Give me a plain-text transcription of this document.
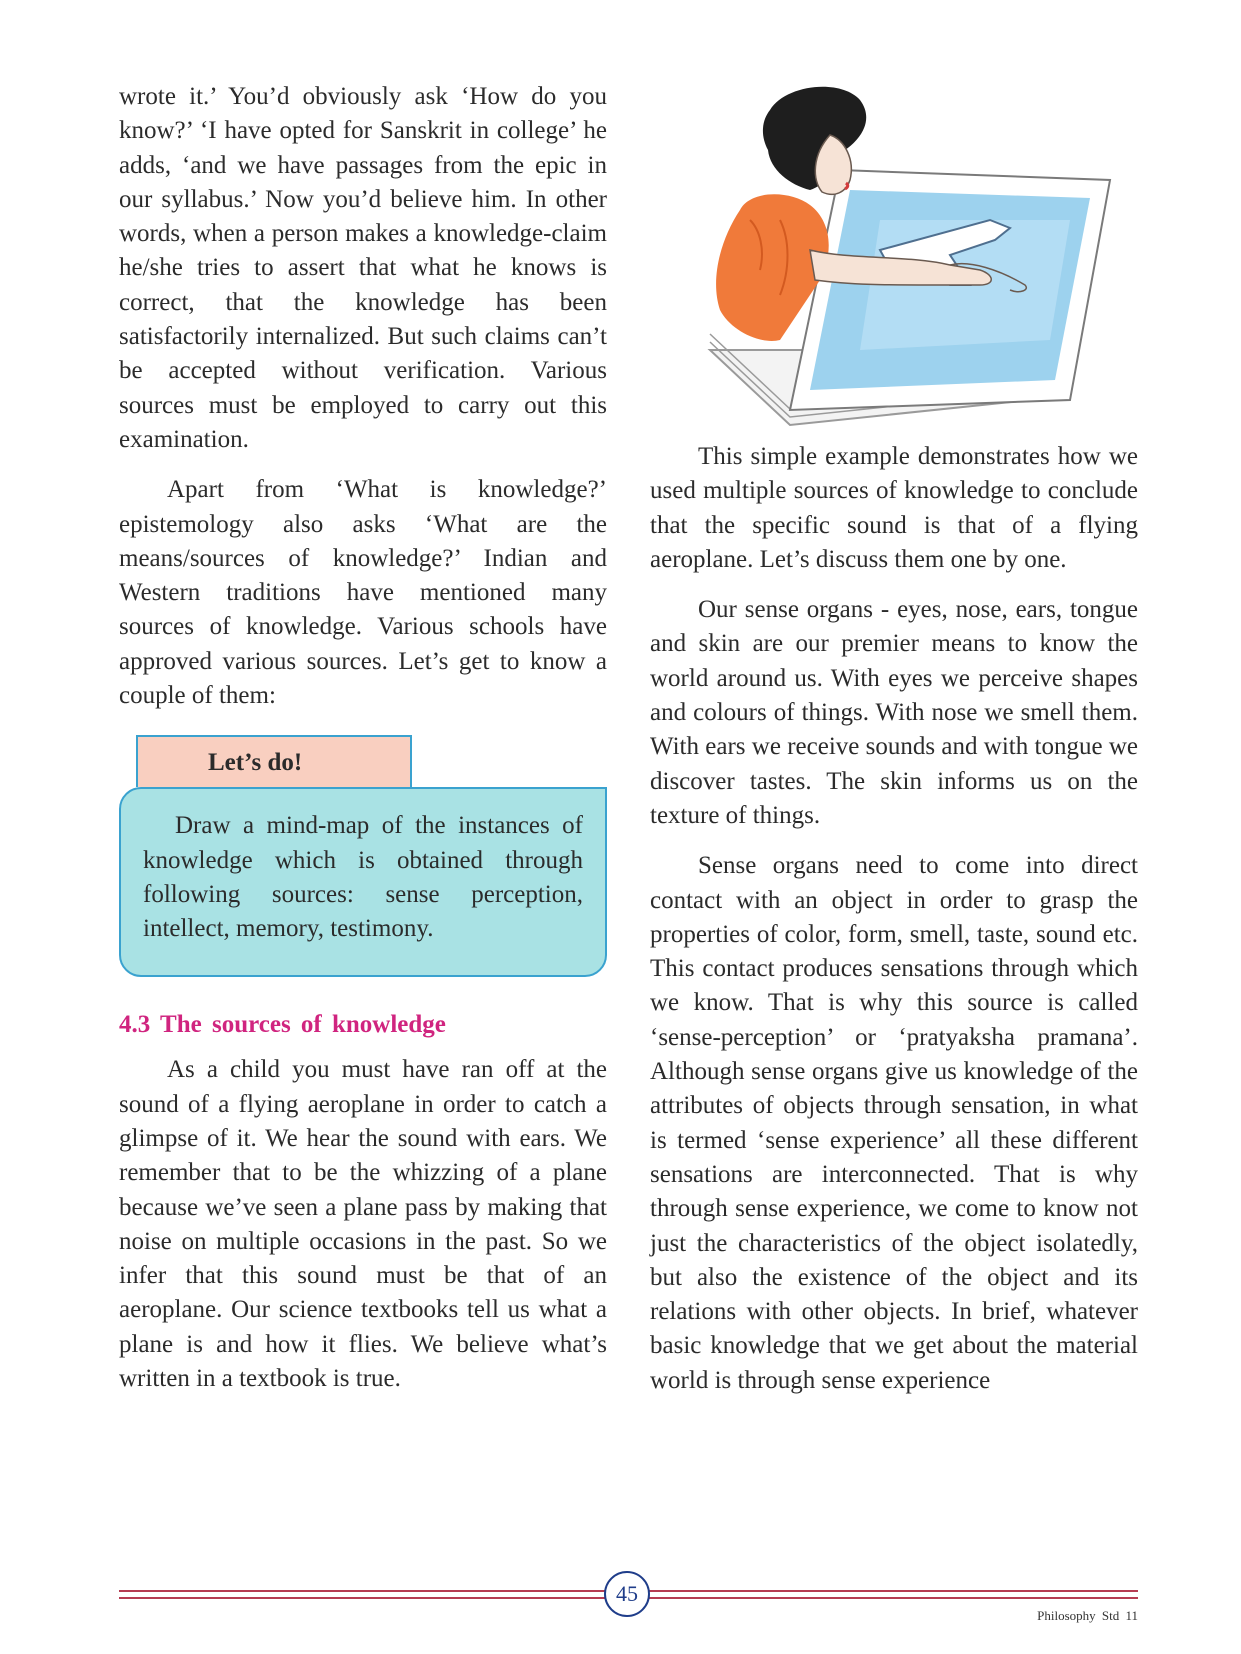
wrote it.’ You’d obviously ask ‘How do you know?’ ‘I have opted for Sanskrit in college’ he adds, ‘and we have passages from the epic in our syllabus.’ Now you’d believe him. In other words, when a person makes a knowledge-claim he/she tries to assert that what he knows is correct, that the knowledge has been satisfactorily internalized. But such claims can’t be accepted without verification. Various sources must be employed to carry out this examination.

Apart from ‘What is knowledge?’ epistemology also asks ‘What are the means/sources of knowledge?’ Indian and Western traditions have mentioned many sources of knowledge. Various schools have approved various sources. Let’s get to know a couple of them:

Let’s do!

Draw a mind-map of the instances of knowledge which is obtained through following sources: sense perception, intellect, memory, testimony.

4.3 The sources of knowledge

As a child you must have ran off at the sound of a flying aeroplane in order to catch a glimpse of it. We hear the sound with ears. We remember that to be the whizzing of a plane because we’ve seen a plane pass by making that noise on multiple occasions in the past. So we infer that this sound must be that of an aeroplane. Our science textbooks tell us what a plane is and how it flies. We believe what’s written in a textbook is true.

This simple example demonstrates how we used multiple sources of knowledge to conclude that the specific sound is that of a flying aeroplane. Let’s discuss them one by one.

Our sense organs - eyes, nose, ears, tongue and skin are our premier means to know the world around us. With eyes we perceive shapes and colours of things. With nose we smell them. With ears we receive sounds and with tongue we discover tastes. The skin informs us on the texture of things.

Sense organs need to come into direct contact with an object in order to grasp the properties of color, form, smell, taste, sound etc. This contact produces sensations through which we know. That is why this source is called ‘sense-perception’ or ‘pratyaksha pramana’. Although sense organs give us knowledge of the attributes of objects through sensation, in what is termed ‘sense experience’ all these different sensations are interconnected. That is why through sense experience, we come to know not just the characteristics of the object isolatedly, but also the existence of the object and its relations with other objects. In brief, whatever basic knowledge that we get about the material world is through sense experience

45
Philosophy Std 11
